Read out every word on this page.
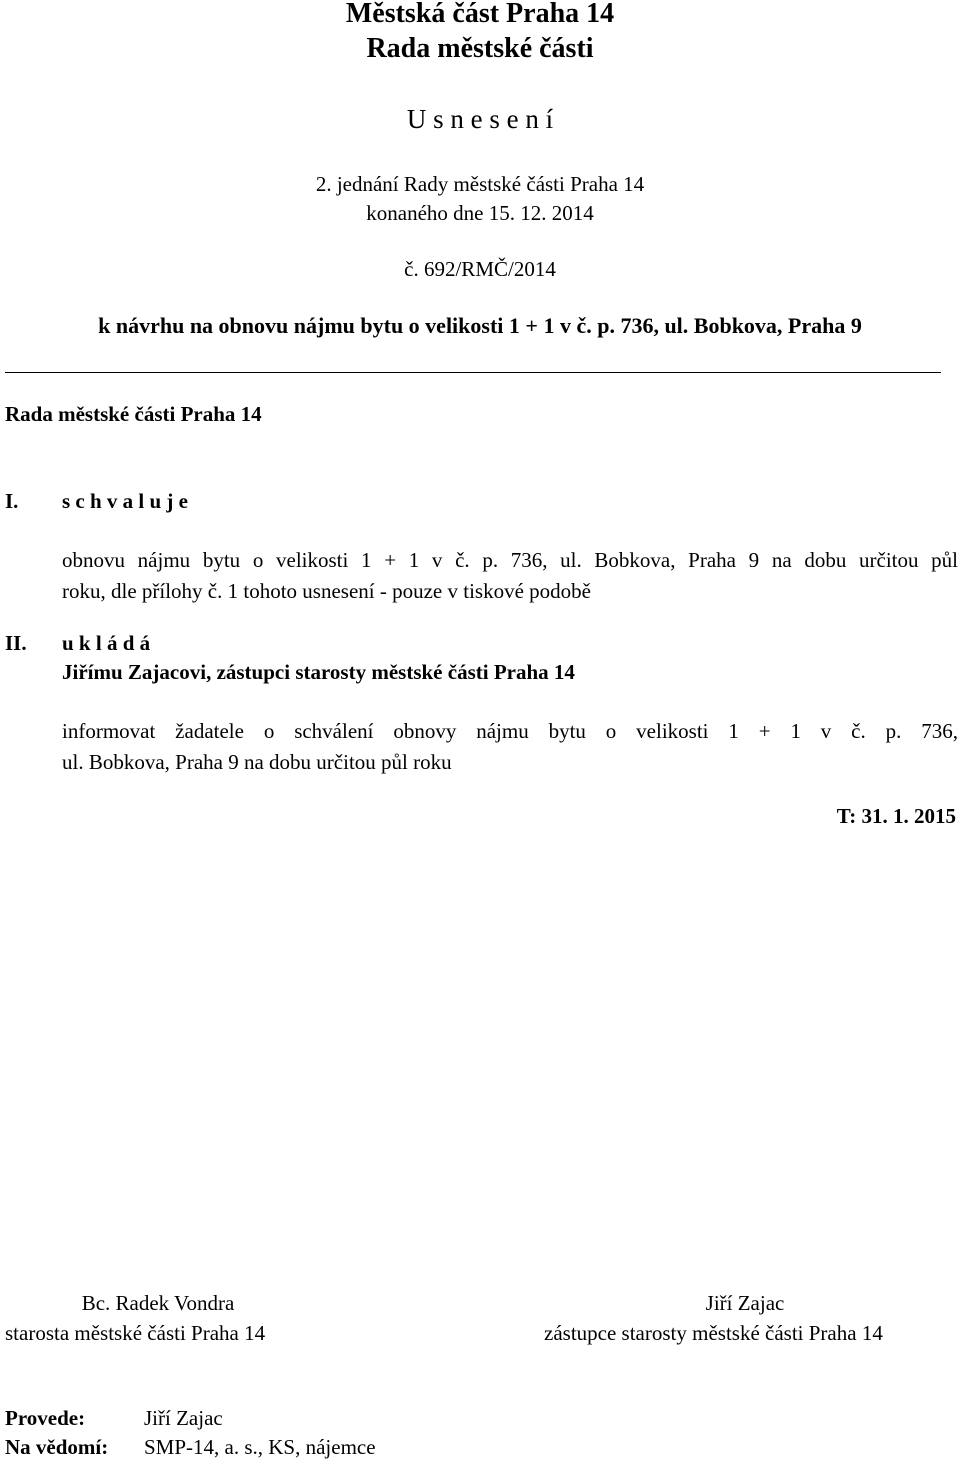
Městská část Praha 14
Rada městské části
U s n e s e n í
2. jednání Rady městské části Praha 14
konaného dne 15. 12. 2014
č. 692/RMČ/2014
k návrhu na obnovu nájmu bytu o velikosti 1 + 1 v č. p. 736, ul. Bobkova, Praha 9
Rada městské části Praha 14
I. s c h v a l u j e
obnovu nájmu bytu o velikosti 1 + 1 v č. p. 736, ul. Bobkova, Praha 9 na dobu určitou půl
roku, dle přílohy č. 1 tohoto usnesení - pouze v tiskové podobě
II. u k l á d á
Jiřímu Zajacovi, zástupci starosty městské části Praha 14
informovat žadatele o schválení obnovy nájmu bytu o velikosti 1 + 1 v č. p. 736,
ul. Bobkova, Praha 9 na dobu určitou půl roku
T: 31. 1. 2015
Bc. Radek Vondra
starosta městské části Praha 14
Jiří Zajac
zástupce starosty městské části Praha 14
Provede:	Jiří Zajac
Na vědomí: SMP-14, a. s., KS, nájemce
